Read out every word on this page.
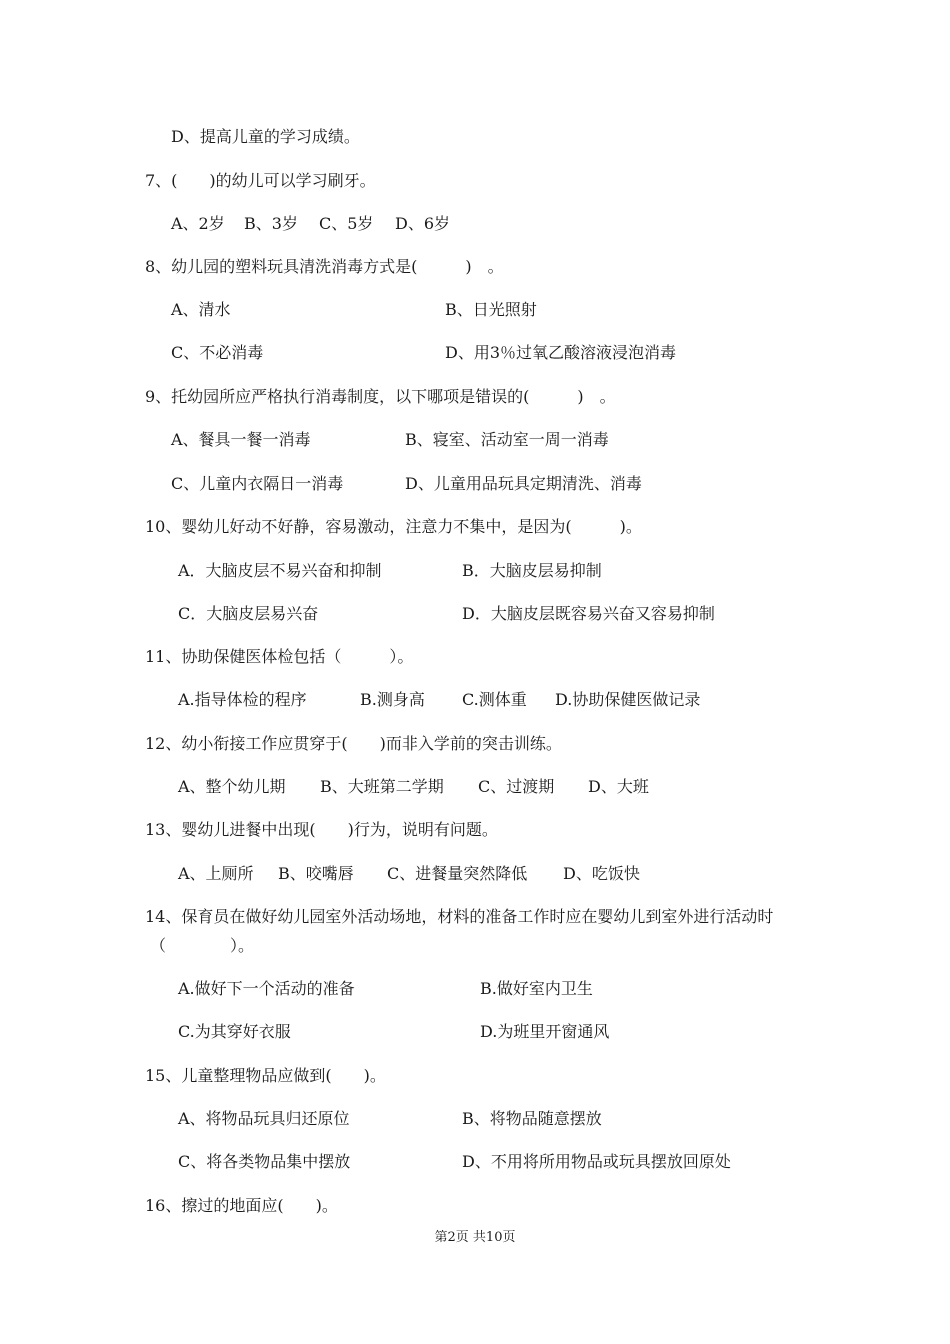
D、提高儿童的学习成绩。
7、(　　)的幼儿可以学习刷牙。
A、2岁 B、3岁 C、5岁 D、6岁
8、幼儿园的塑料玩具清洗消毒方式是(　　　)　。
A、清水	B、日光照射
C、不必消毒	D、用3％过氧乙酸溶液浸泡消毒
9、托幼园所应严格执行消毒制度，以下哪项是错误的(　　　)　。
A、餐具一餐一消毒	B、寝室、活动室一周一消毒
C、儿童内衣隔日一消毒	D、儿童用品玩具定期清洗、消毒
10、婴幼儿好动不好静，容易激动，注意力不集中，是因为(　　　)。
A．大脑皮层不易兴奋和抑制	B．大脑皮层易抑制
C．大脑皮层易兴奋	D．大脑皮层既容易兴奋又容易抑制
11、协助保健医体检包括（　　　）。
A.指导体检的程序	B.测身高 C.测体重 D.协助保健医做记录
12、幼小衔接工作应贯穿于(　　)而非入学前的突击训练。
A、整个幼儿期 B、大班第二学期 C、过渡期 D、大班
13、婴幼儿进餐中出现(　　)行为，说明有问题。
A、上厕所 B、咬嘴唇 C、进餐量突然降低 D、吃饭快
14、保育员在做好幼儿园室外活动场地，材料的准备工作时应在婴幼儿到室外进行活动时
（　　　　）。
A.做好下一个活动的准备	B.做好室内卫生
C.为其穿好衣服	D.为班里开窗通风
15、儿童整理物品应做到(　　)。
A、将物品玩具归还原位	B、将物品随意摆放
C、将各类物品集中摆放	D、不用将所用物品或玩具摆放回原处
16、擦过的地面应(　　)。
第2页 共10页
